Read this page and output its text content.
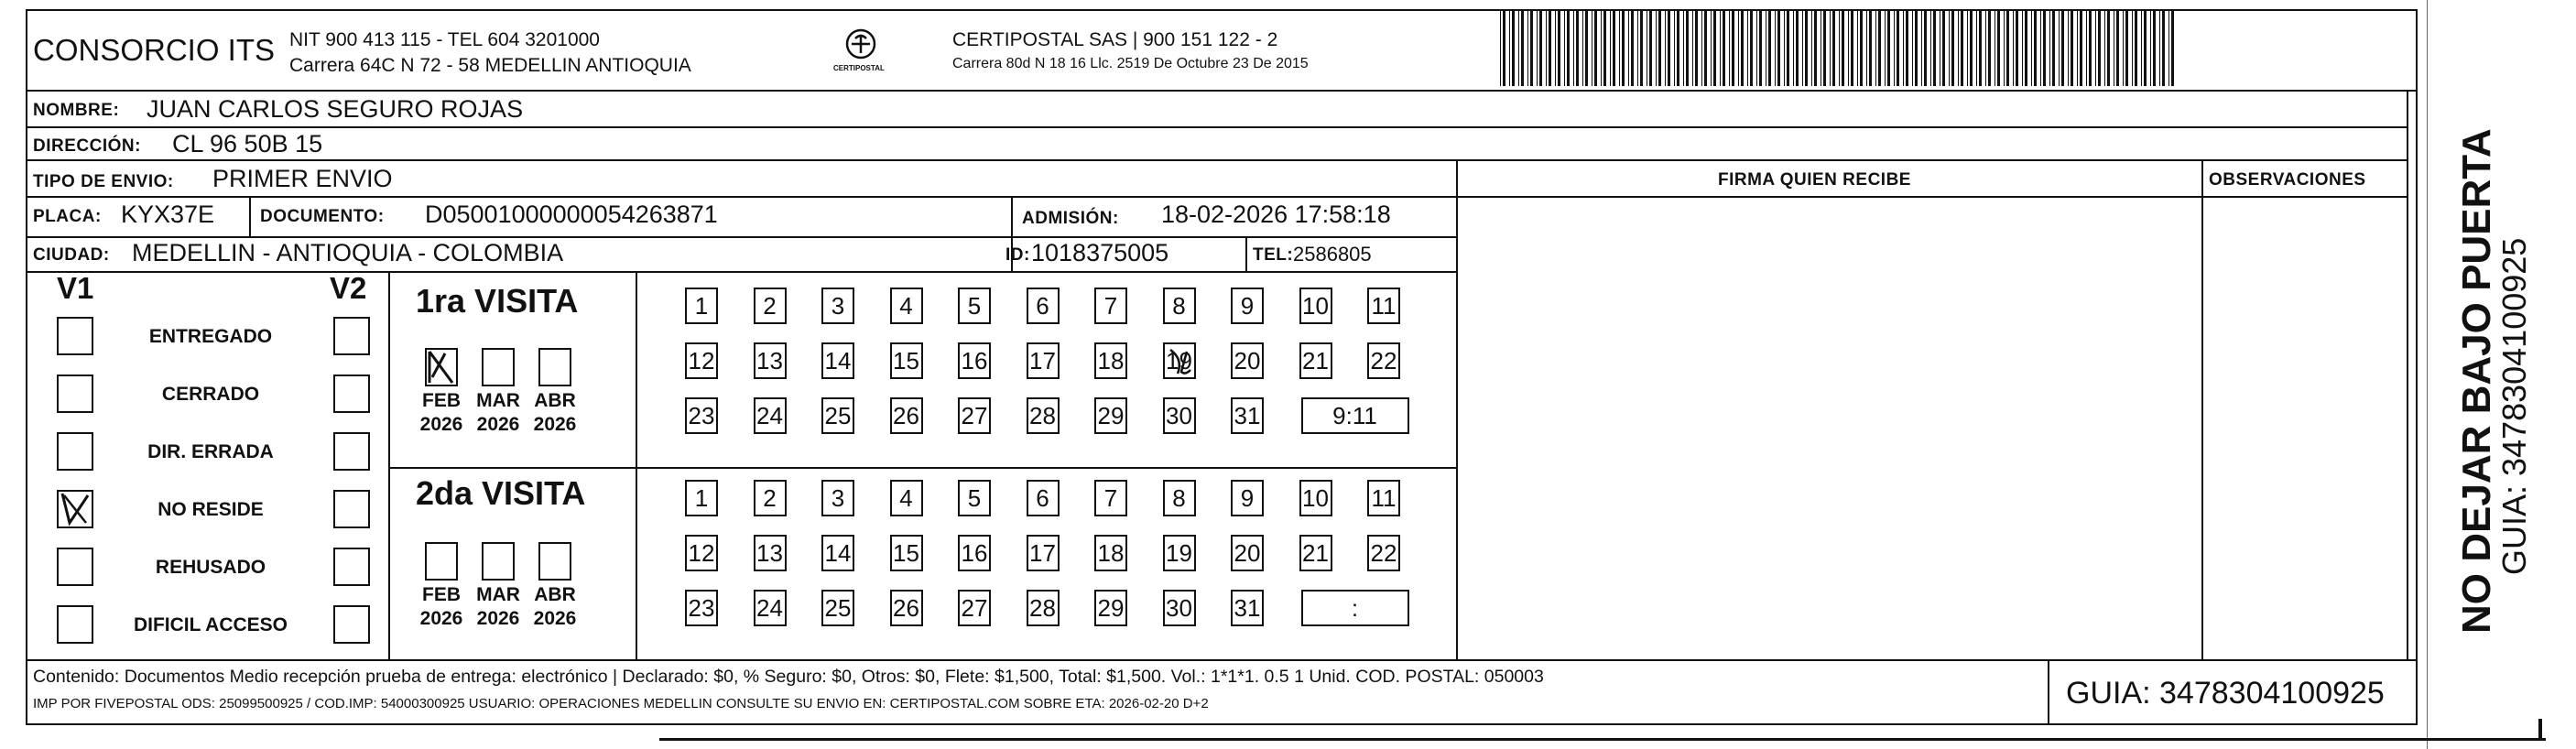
CONSORCIO ITS NIT 900 413 115 - TEL 604 3201000
Carrera 64C N 72 - 58 MEDELLIN ANTIOQUIA	CERTIPOSTAL
CERTIPOSTAL SAS | 900 151 122 - 2
Carrera 80d N 18 16 Llc. 2519 De Octubre 23 De 2015
NOMBRE: JUAN CARLOS SEGURO ROJAS
DIRECCIÓN: CL 96 50B 15
TIPO DE ENVIO: PRIMER ENVIO
PLACA: KYX37E	DOCUMENTO: D05001000000054263871	ADMISIÓN: 18-02-2026 17:58:18
CIUDAD: MEDELLIN - ANTIOQUIA - COLOMBIA	ID: 1018375005	TEL: 2586805
FIRMA QUIEN RECIBE	OBSERVACIONES
V1	V2
ENTREGADO
CERRADO
DIR. ERRADA
NO RESIDE
REHUSADO
DIFICIL ACCESO
1ra VISITA
2da VISITA
FEB
2026
MAR
2026
ABR
2026
FEB
2026
MAR
2026
ABR
2026
1	2	3	4	5	6	7	8	9	10 11
12 13 14 15 16 17 18 19 20 21 22
23 24 25 26 27 28 29 30 31	9:11
1	2	3	4	5	6	7	8	9	10 11
12 13 14 15 16 17 18 19 20 21 22
23 24 25 26 27 28 29 30 31	:
Contenido: Documentos Medio recepción prueba de entrega: electrónico | Declarado: $0, % Seguro: $0, Otros: $0, Flete: $1,500, Total: $1,500. Vol.: 1*1*1. 0.5 1 Unid. COD. POSTAL: 050003
IMP POR FIVEPOSTAL ODS: 25099500925 / COD.IMP: 54000300925 USUARIO: OPERACIONES MEDELLIN CONSULTE SU ENVIO EN: CERTIPOSTAL.COM SOBRE ETA: 2026-02-20 D+2	GUIA: 3478304100925
NO DEJAR BAJO PUERTA
GUIA: 3478304100925
